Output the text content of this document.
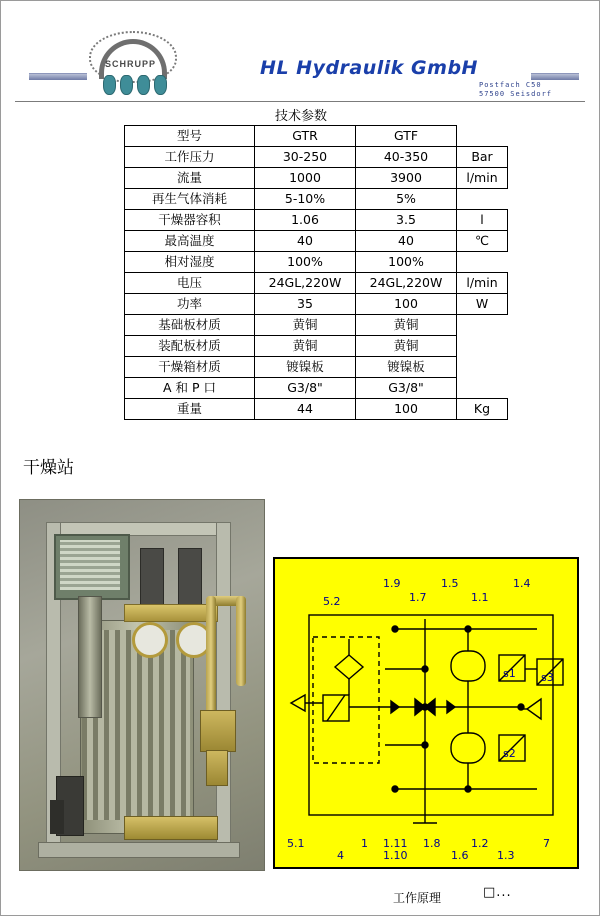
SCHRUPP	HL Hydraulik GmbH
Postfach C50
57500 Seisdorf
技术参数
型号	GTR	GTF	
工作压力	30-250	40-350	Bar
流量	1000	3900	l/min
再生气体消耗	5-10%	5%	
干燥器容积	1.06	3.5	l
最高温度	40	40	℃
相对湿度	100%	100%	
电压	24GL,220W	24GL,220W	l/min
功率	35	100	W
基础板材质	黄铜	黄铜	
装配板材质	黄铜	黄铜	
干燥箱材质	镀镍板	镀镍板	
A 和 P 口	G3/8"	G3/8"	
重量	44	100	Kg
干燥站
5.2
1.9
1.7
1.5
1.1
1.4
5.1
4
1 1.11
1.10
1.8
1.6
1.2
1.3
7
s1
s2
s3
工作原理	□...
